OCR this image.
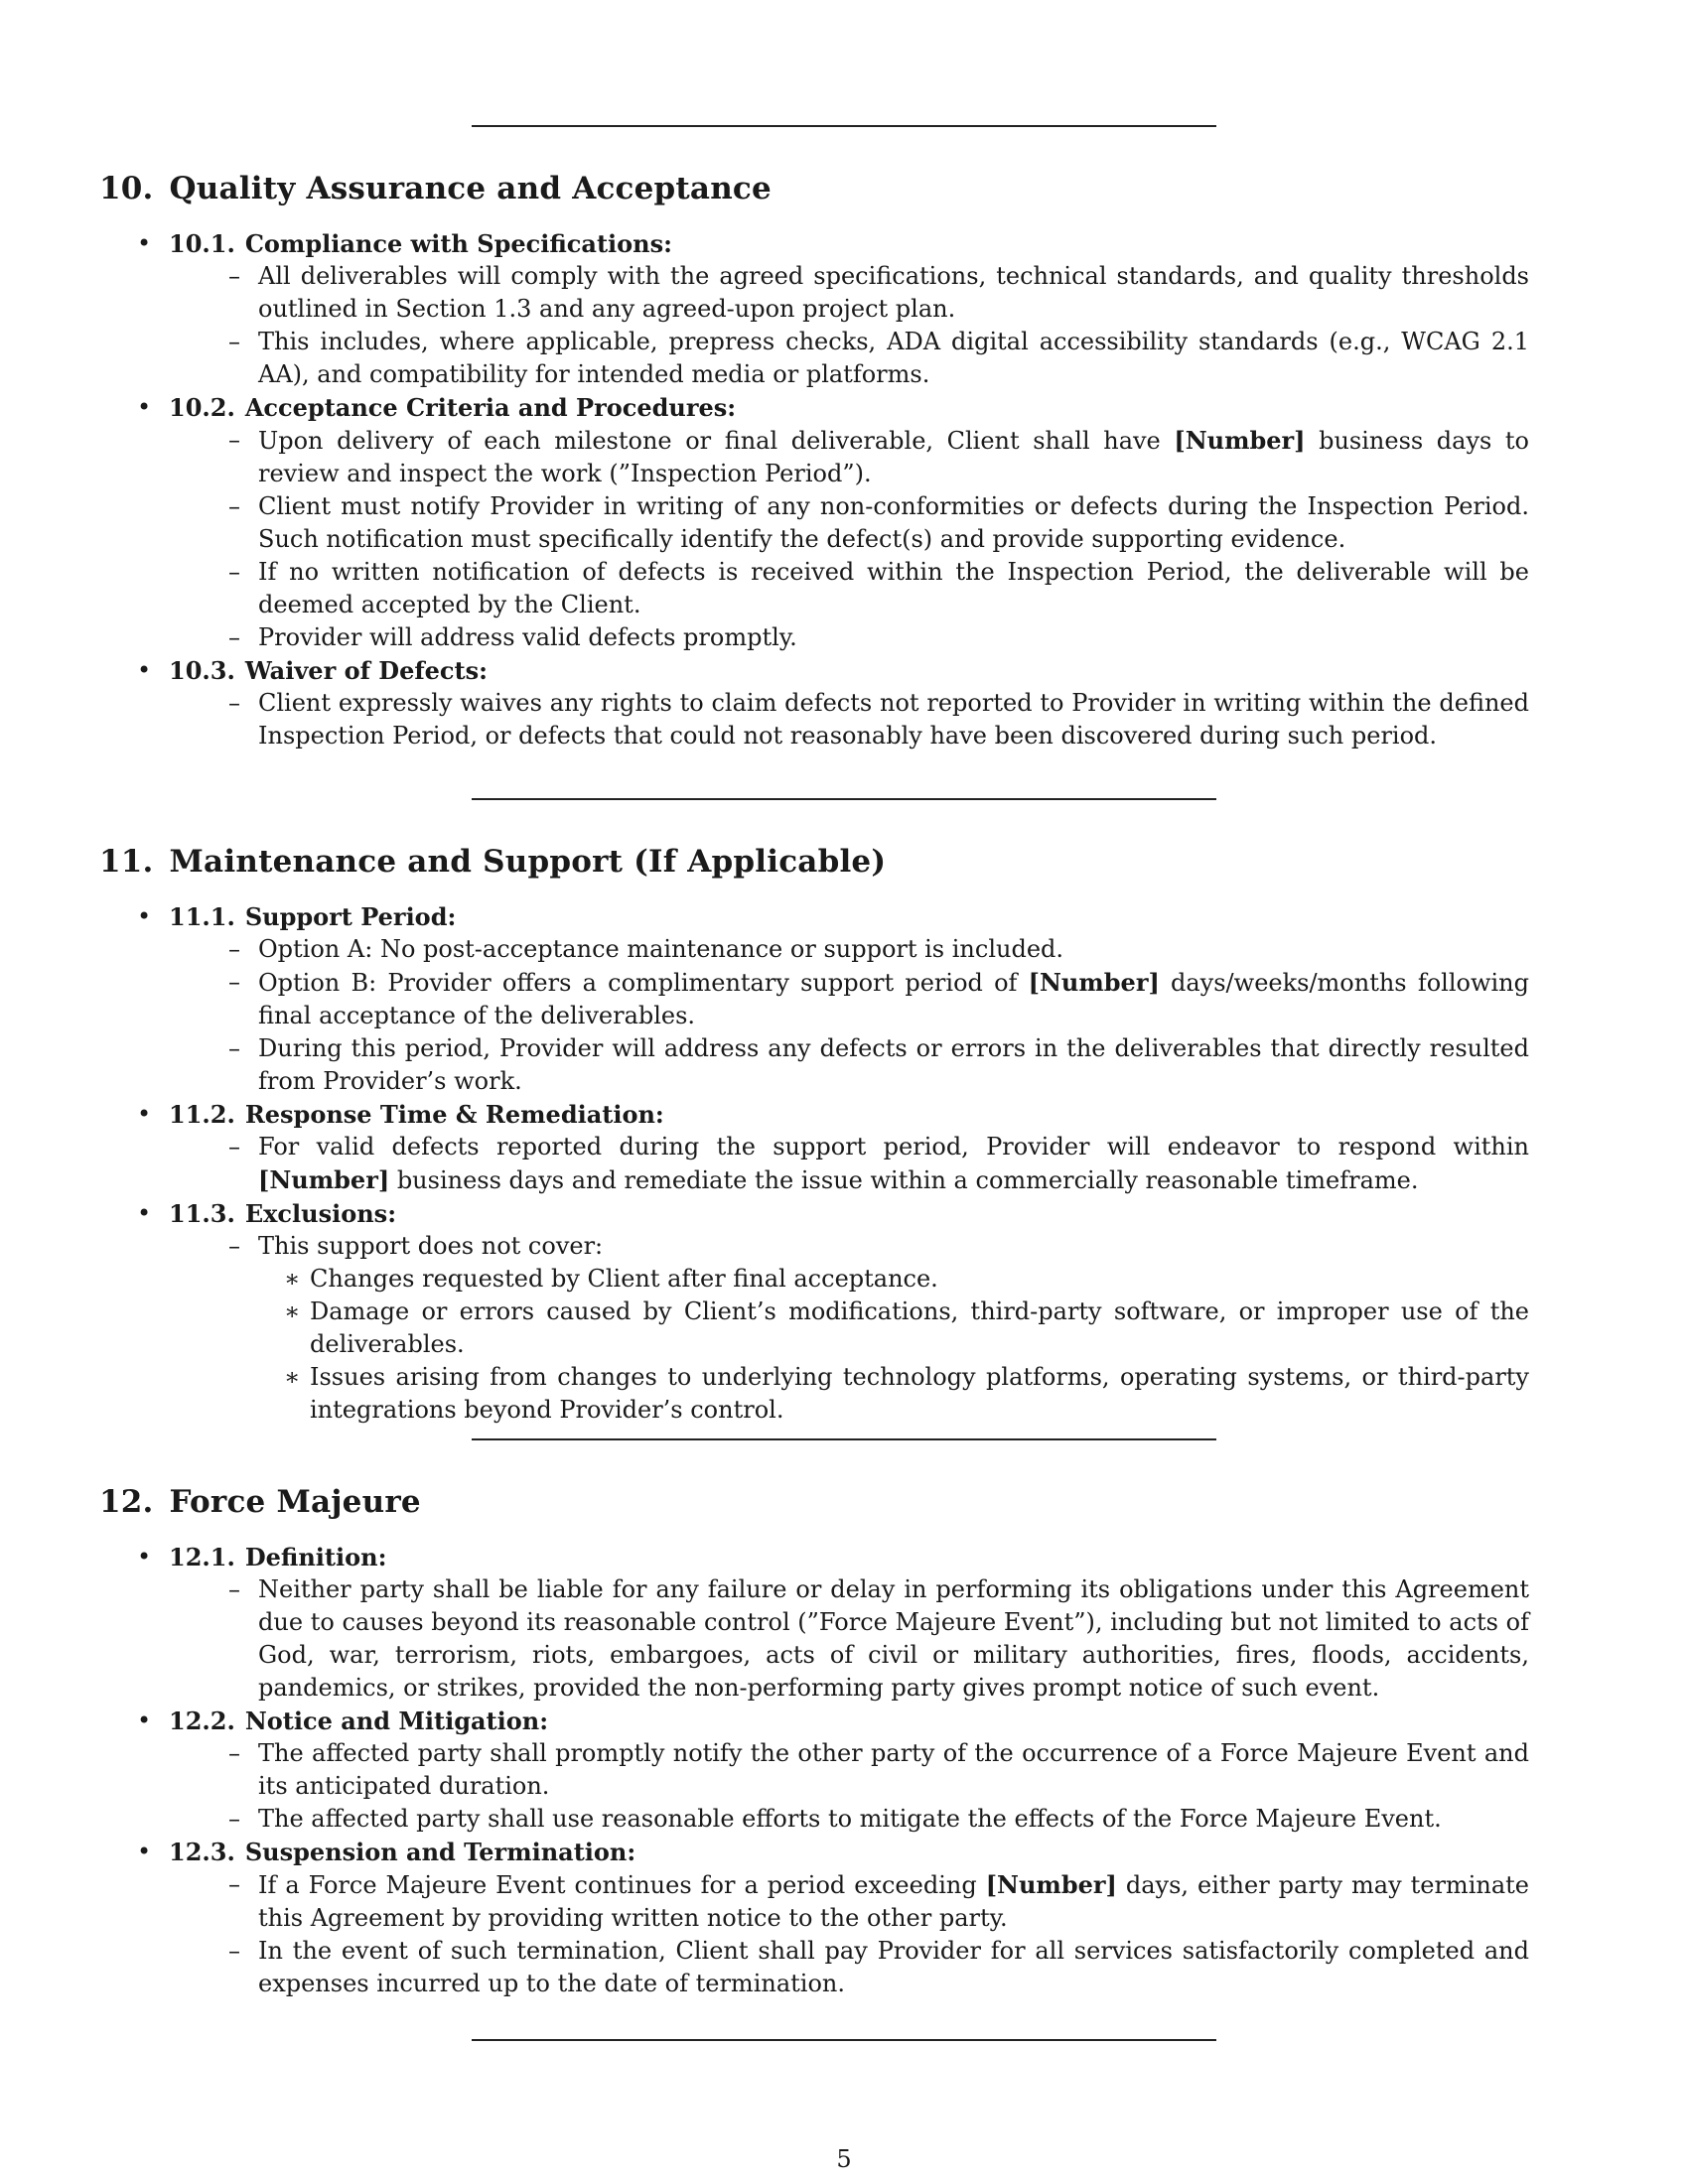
10. Quality Assurance and Acceptance
• 10.1. Compliance with Specifications:
– All deliverables will comply with the agreed specifications, technical standards, and quality thresholds outlined in Section 1.3 and any agreed-upon project plan.
– This includes, where applicable, prepress checks, ADA digital accessibility standards (e.g., WCAG 2.1 AA), and compatibility for intended media or platforms.
• 10.2. Acceptance Criteria and Procedures:
– Upon delivery of each milestone or final deliverable, Client shall have [Number] business days to review and inspect the work (”Inspection Period”).
– Client must notify Provider in writing of any non-conformities or defects during the Inspection Period. Such notification must specifically identify the defect(s) and provide supporting evidence.
– If no written notification of defects is received within the Inspection Period, the deliverable will be deemed accepted by the Client.
– Provider will address valid defects promptly.
• 10.3. Waiver of Defects:
– Client expressly waives any rights to claim defects not reported to Provider in writing within the defined Inspection Period, or defects that could not reasonably have been discovered during such period.
11. Maintenance and Support (If Applicable)
• 11.1. Support Period:
– Option A: No post-acceptance maintenance or support is included.
– Option B: Provider offers a complimentary support period of [Number] days/weeks/months following final acceptance of the deliverables.
– During this period, Provider will address any defects or errors in the deliverables that directly resulted from Provider’s work.
• 11.2. Response Time & Remediation:
– For valid defects reported during the support period, Provider will endeavor to respond within [Number] business days and remediate the issue within a commercially reasonable timeframe.
• 11.3. Exclusions:
– This support does not cover:
∗ Changes requested by Client after final acceptance.
∗ Damage or errors caused by Client’s modifications, third-party software, or improper use of the deliverables.
∗ Issues arising from changes to underlying technology platforms, operating systems, or third-party integrations beyond Provider’s control.
12. Force Majeure
• 12.1. Definition:
– Neither party shall be liable for any failure or delay in performing its obligations under this Agreement due to causes beyond its reasonable control (”Force Majeure Event”), including but not limited to acts of God, war, terrorism, riots, embargoes, acts of civil or military authorities, fires, floods, accidents, pandemics, or strikes, provided the non-performing party gives prompt notice of such event.
• 12.2. Notice and Mitigation:
– The affected party shall promptly notify the other party of the occurrence of a Force Majeure Event and its anticipated duration.
– The affected party shall use reasonable efforts to mitigate the effects of the Force Majeure Event.
• 12.3. Suspension and Termination:
– If a Force Majeure Event continues for a period exceeding [Number] days, either party may terminate this Agreement by providing written notice to the other party.
– In the event of such termination, Client shall pay Provider for all services satisfactorily completed and expenses incurred up to the date of termination.
5
